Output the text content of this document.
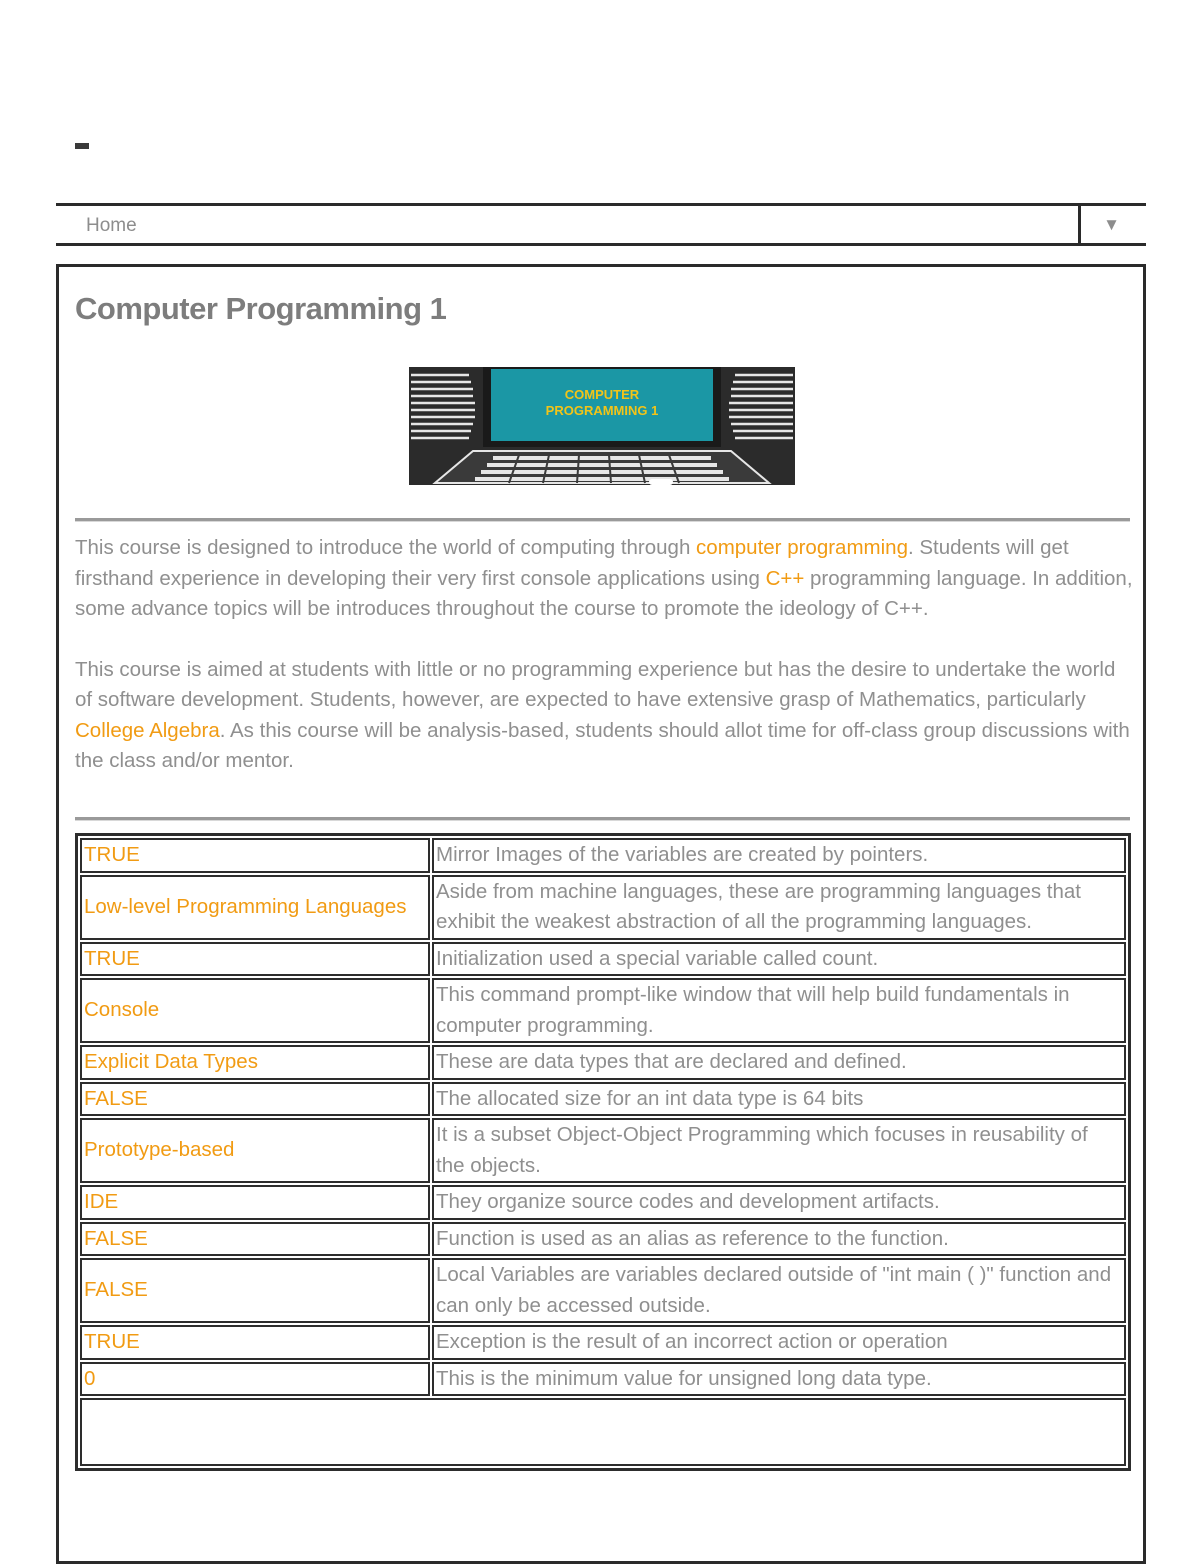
Home	▼
Computer Programming 1
COMPUTER
PROGRAMMING 1

This course is designed to introduce the world of computing through computer programming. Students will get firsthand experience in developing their very first console applications using C++ programming language. In addition, some advance topics will be introduces throughout the course to promote the ideology of C++.

This course is aimed at students with little or no programming experience but has the desire to undertake the world of software development. Students, however, are expected to have extensive grasp of Mathematics, particularly College Algebra. As this course will be analysis-based, students should allot time for off-class group discussions with the class and/or mentor.

TRUE	Mirror Images of the variables are created by pointers.
Low-level Programming Languages	Aside from machine languages, these are programming languages that exhibit the weakest abstraction of all the programming languages.
TRUE	Initialization used a special variable called count.
Console	This command prompt-like window that will help build fundamentals in computer programming.
Explicit Data Types	These are data types that are declared and defined.
FALSE	The allocated size for an int data type is 64 bits
Prototype-based	It is a subset Object-Object Programming which focuses in reusability of the objects.
IDE	They organize source codes and development artifacts.
FALSE	Function is used as an alias as reference to the function.
FALSE	Local Variables are variables declared outside of "int main ( )" function and can only be accessed outside.
TRUE	Exception is the result of an incorrect action or operation
0	This is the minimum value for unsigned long data type.
